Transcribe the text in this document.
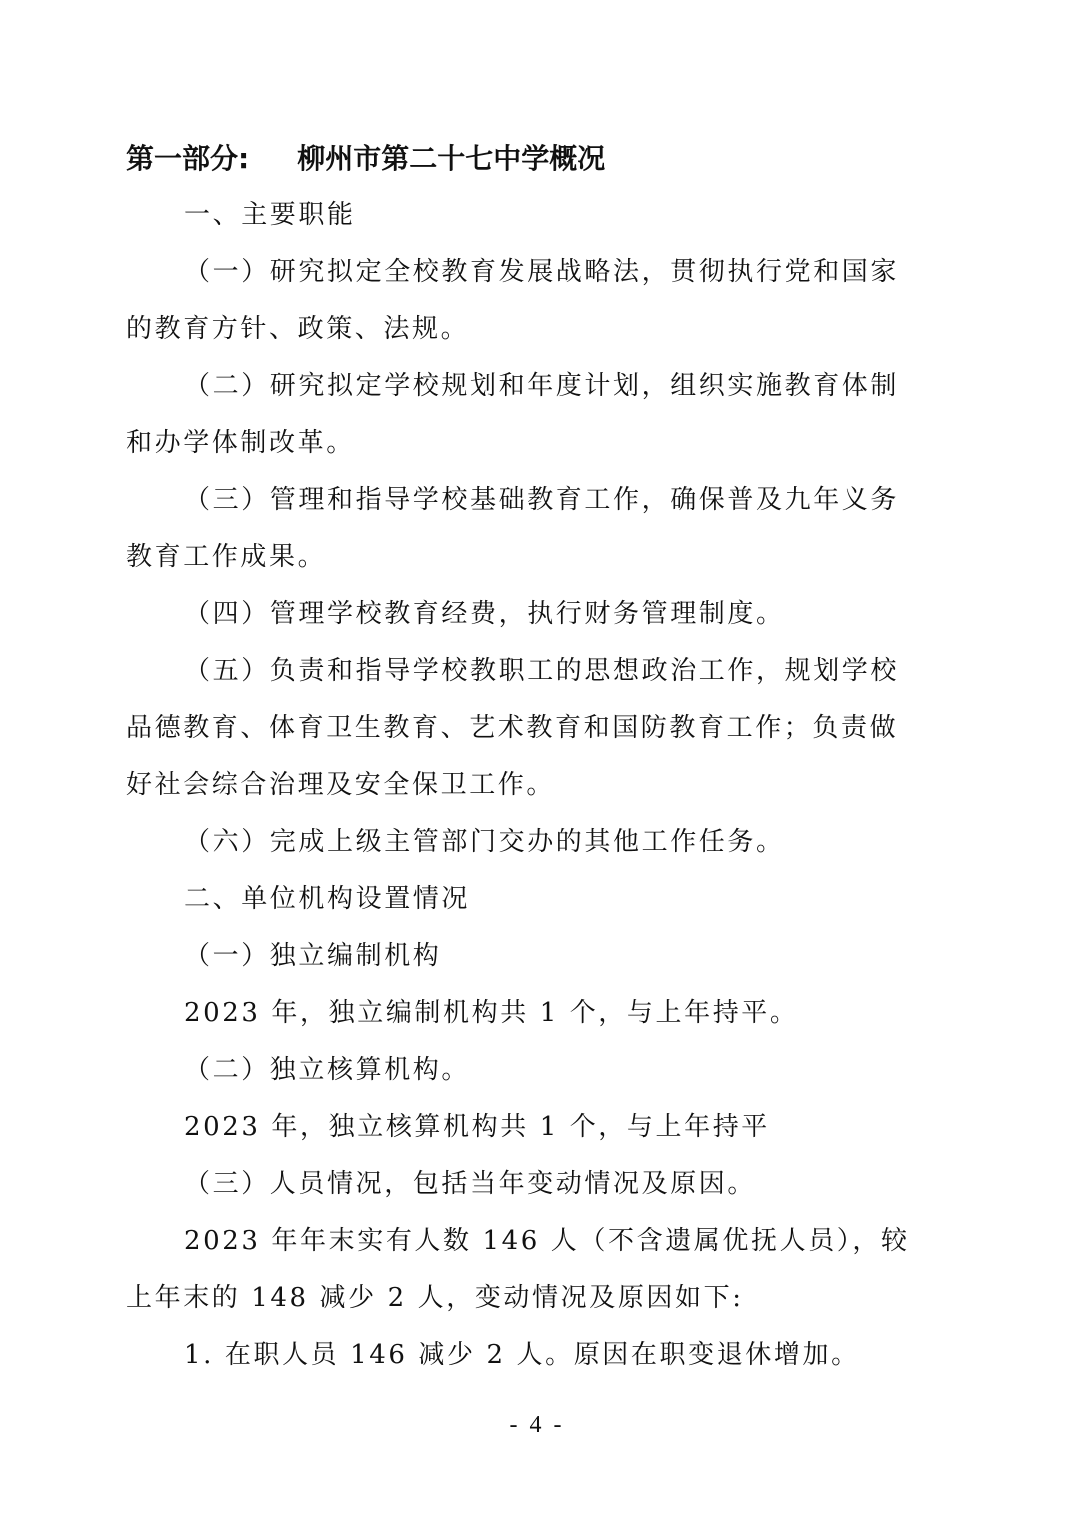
第一部分: 柳州市第二十七中学概况

一、主要职能

（一）研究拟定全校教育发展战略法，贯彻执行党和国家的教育方针、政策、法规。

（二）研究拟定学校规划和年度计划，组织实施教育体制和办学体制改革。

（三）管理和指导学校基础教育工作，确保普及九年义务教育工作成果。

（四）管理学校教育经费，执行财务管理制度。

（五）负责和指导学校教职工的思想政治工作，规划学校品德教育、体育卫生教育、艺术教育和国防教育工作；负责做好社会综合治理及安全保卫工作。

（六）完成上级主管部门交办的其他工作任务。

二、单位机构设置情况

（一）独立编制机构

2023 年，独立编制机构共 1 个，与上年持平。

（二）独立核算机构。

2023 年，独立核算机构共 1 个，与上年持平

（三）人员情况，包括当年变动情况及原因。

2023 年年末实有人数 146 人（不含遗属优抚人员），较上年末的 148 减少 2 人，变动情况及原因如下:

1. 在职人员 146 减少 2 人。原因在职变退休增加。

- 4 -
